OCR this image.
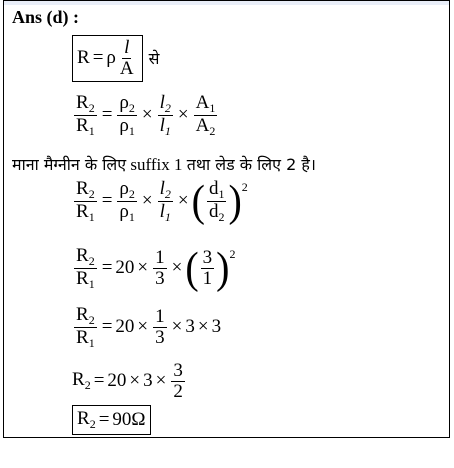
Ans (d) :
R = ρ $\frac{l}{A}$ से
$\frac{R_2}{R_1} = \frac{\rho_2}{\rho_1} \times \frac{l_2}{l_1} \times \frac{A_1}{A_2}$
माना मैग्नीन के लिए suffix 1 तथा लेड के लिए 2 है।
$\frac{R_2}{R_1} = \frac{\rho_2}{\rho_1} \times \frac{l_2}{l_1}$ × ( $\frac{d_1}{d_2} )^2$
$\frac{R_2}{R_1} = 20 \times \frac{1}{3}$ × ( $\frac{3}{1} )^2$
$\frac{R_2}{R_1} = 20 \times \frac{1}{3} \times 3 \times 3$
$R_2 = 20 \times 3 \times \frac{3}{2}$
$R_2 = 90\Omega$
